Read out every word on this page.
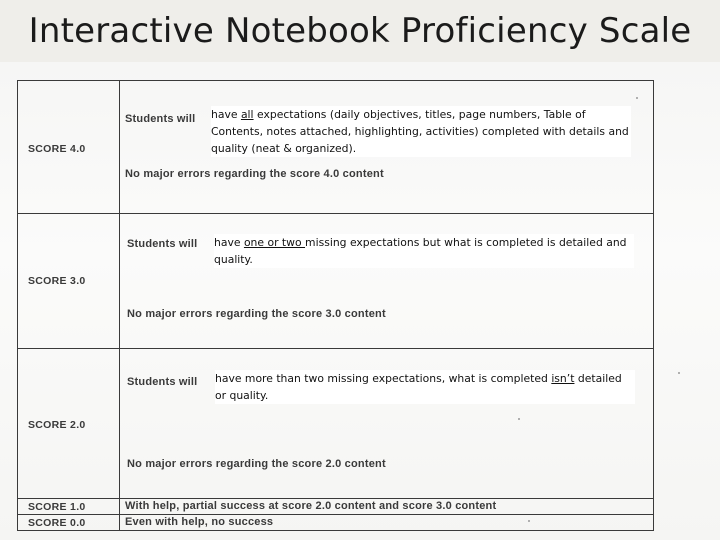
Interactive Notebook Proficiency Scale
SCORE 4.0
Students will have all expectations (daily objectives, titles, page numbers, Table of Contents, notes attached, highlighting, activities) completed with details and quality (neat & organized).
No major errors regarding the score 4.0 content
SCORE 3.0
Students will have one or two missing expectations but what is completed is detailed and quality.
No major errors regarding the score 3.0 content
SCORE 2.0
Students will have more than two missing expectations, what is completed isn’t detailed or quality.
No major errors regarding the score 2.0 content
SCORE 1.0	With help, partial success at score 2.0 content and score 3.0 content
SCORE 0.0	Even with help, no success
